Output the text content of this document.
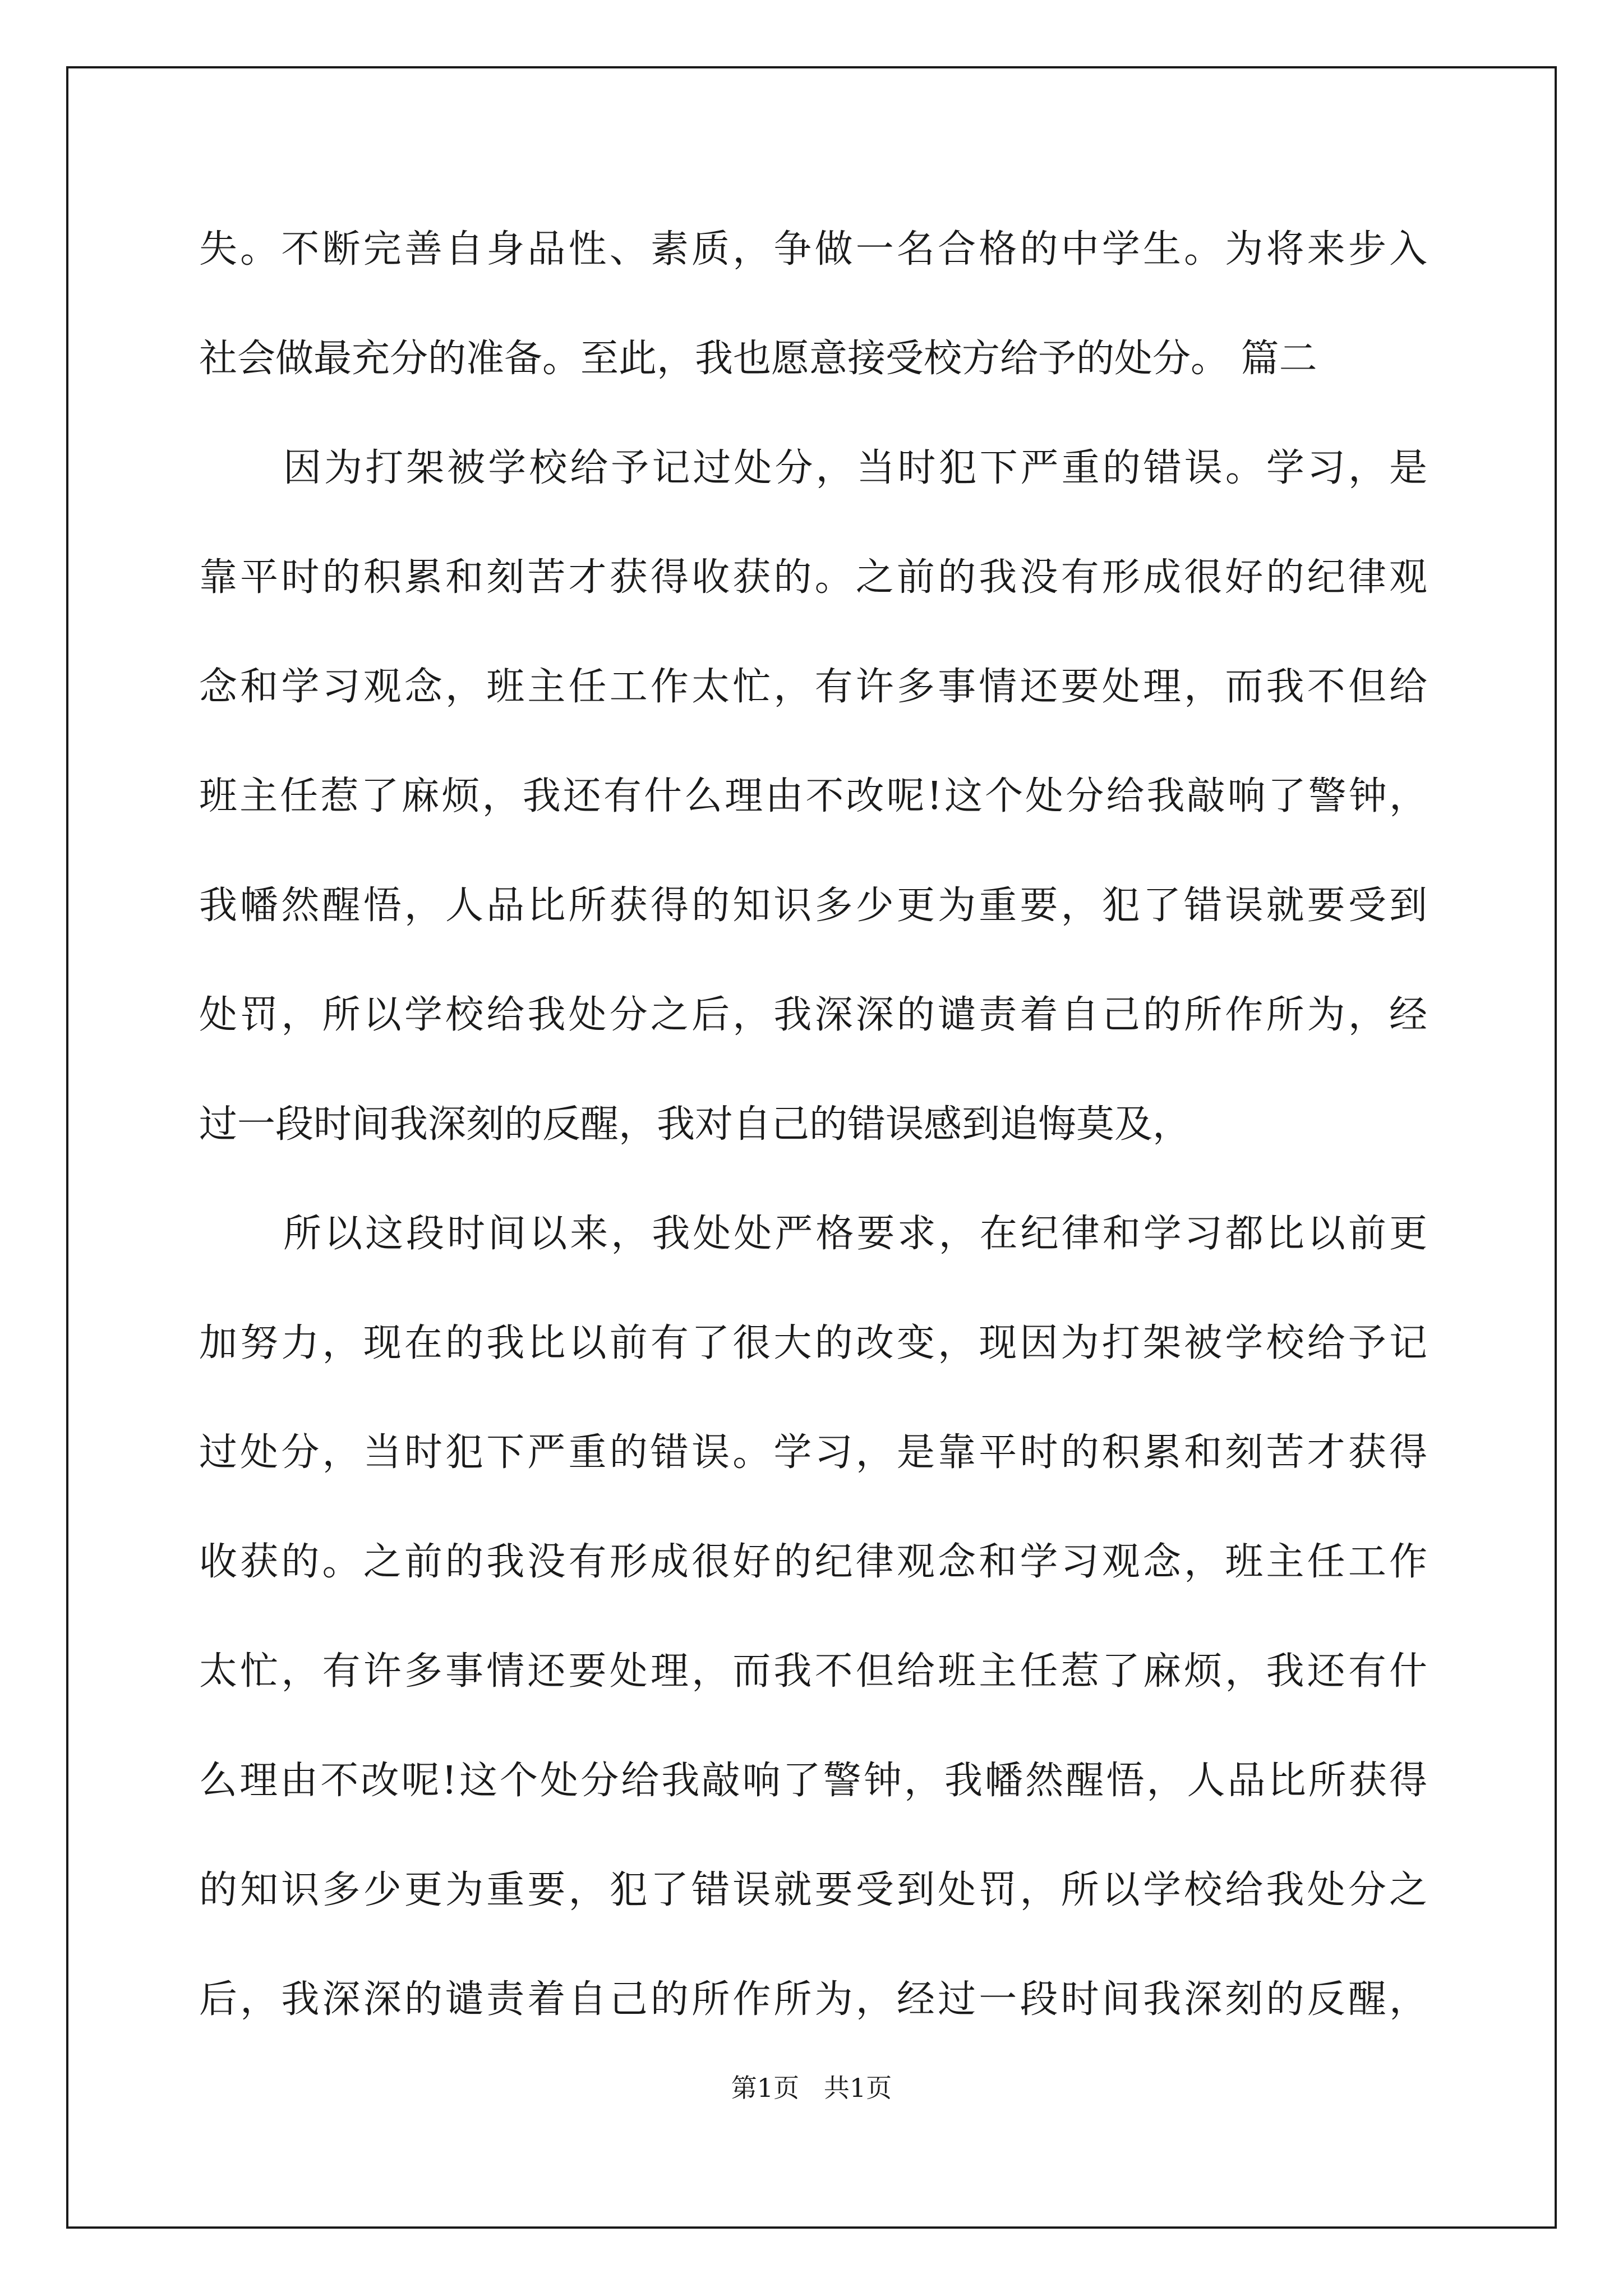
失。不断完善自身品性、素质，争做一名合格的中学生。为将来步入

社会做最充分的准备。至此，我也愿意接受校方给予的处分。 篇二

因为打架被学校给予记过处分，当时犯下严重的错误。学习，是

靠平时的积累和刻苦才获得收获的。之前的我没有形成很好的纪律观

念和学习观念，班主任工作太忙，有许多事情还要处理，而我不但给

班主任惹了麻烦，我还有什么理由不改呢!这个处分给我敲响了警钟，

我幡然醒悟，人品比所获得的知识多少更为重要，犯了错误就要受到

处罚，所以学校给我处分之后，我深深的谴责着自己的所作所为，经

过一段时间我深刻的反醒，我对自己的错误感到追悔莫及，

所以这段时间以来，我处处严格要求，在纪律和学习都比以前更

加努力，现在的我比以前有了很大的改变，现因为打架被学校给予记

过处分，当时犯下严重的错误。学习，是靠平时的积累和刻苦才获得

收获的。之前的我没有形成很好的纪律观念和学习观念，班主任工作

太忙，有许多事情还要处理，而我不但给班主任惹了麻烦，我还有什

么理由不改呢!这个处分给我敲响了警钟，我幡然醒悟，人品比所获得

的知识多少更为重要，犯了错误就要受到处罚，所以学校给我处分之

后，我深深的谴责着自己的所作所为，经过一段时间我深刻的反醒，

第1页   共1页
